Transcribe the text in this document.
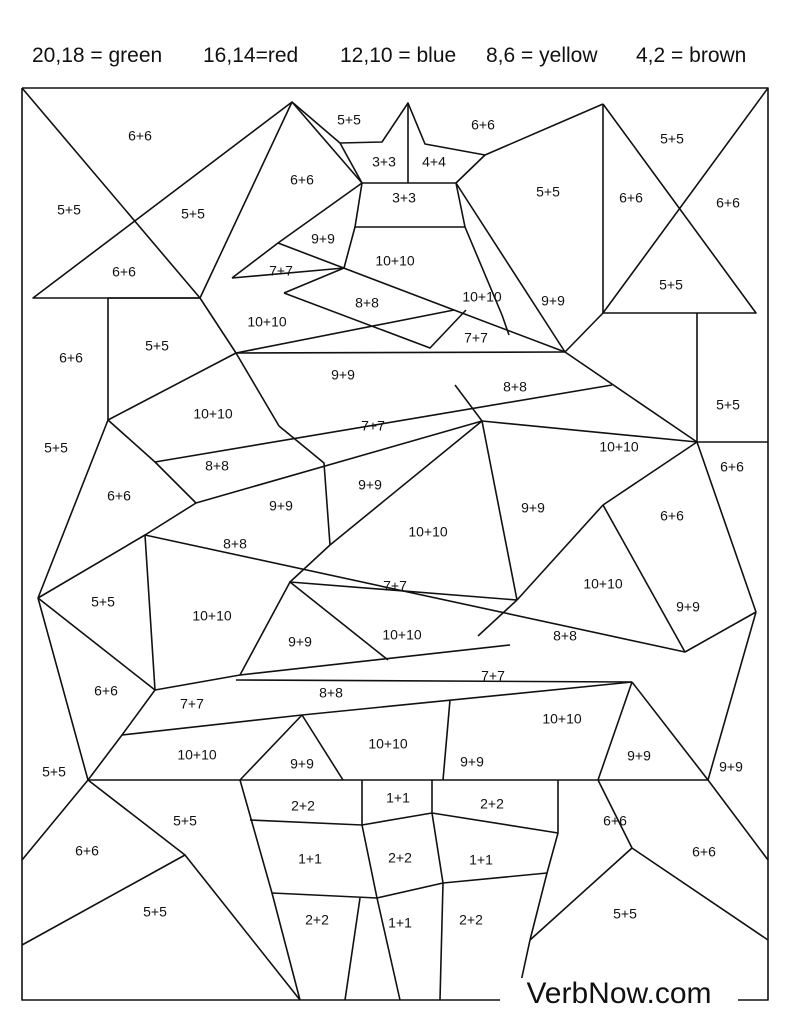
20,18 = green 16,14=red 12,10 = blue 8,6 = yellow 4,2 = brown
6+6
5+5
6+6
5+5
6+6
5+5
3+3 4+4
6+6
3+3	5+5	6+6
5+5
6+6
5+5
9+9
10+10
7+7
8+8	10+10	9+9
10+10
7+7
6+6
5+5
9+9
8+8
5+5
6+6
10+10
7+7
10+10
5+5
6+6
8+8
9+9
9+9
9+9	6+6
5+5
8+8
10+10
7+7	10+10
9+9
10+10
9+9
9+9
10+10	8+8
7+7
6+6
7+7
8+8
10+10
10+10	9+9
10+10
9+9
9+9
5+5
5+5
2+2	1+1	2+2
6+6
6+6	1+1	2+2	1+1	6+6
5+5	2+2	1+1	2+2	5+5
VerbNow.com
